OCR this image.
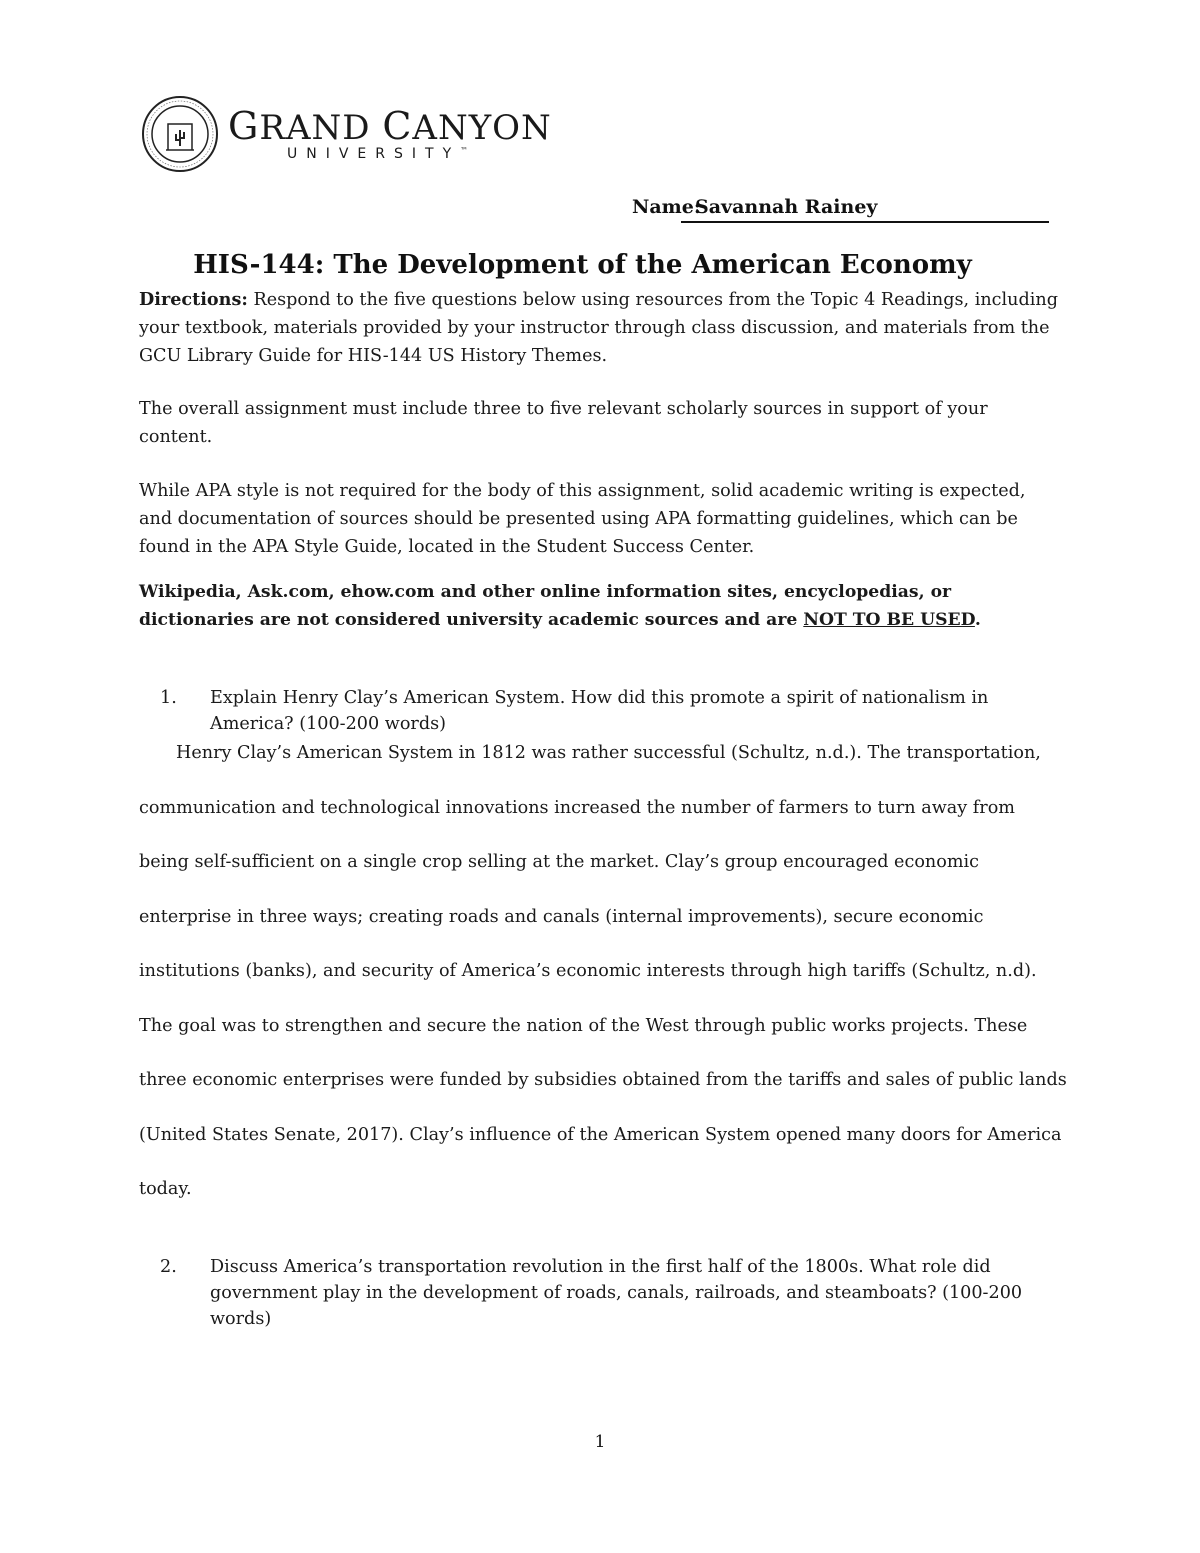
GRAND CANYON
UNIVERSITY™
Name:
Savannah Rainey
HIS-144: The Development of the American Economy
Directions: Respond to the five questions below using resources from the Topic 4 Readings, including your textbook, materials provided by your instructor through class discussion, and materials from the GCU Library Guide for HIS-144 US History Themes.
The overall assignment must include three to five relevant scholarly sources in support of your content.
While APA style is not required for the body of this assignment, solid academic writing is expected, and documentation of sources should be presented using APA formatting guidelines, which can be found in the APA Style Guide, located in the Student Success Center.
Wikipedia, Ask.com, ehow.com and other online information sites, encyclopedias, or dictionaries are not considered university academic sources and are NOT TO BE USED.
1. Explain Henry Clay’s American System. How did this promote a spirit of nationalism in America? (100-200 words)
Henry Clay’s American System in 1812 was rather successful (Schultz, n.d.). The transportation, communication and technological innovations increased the number of farmers to turn away from being self-sufficient on a single crop selling at the market. Clay’s group encouraged economic enterprise in three ways; creating roads and canals (internal improvements), secure economic institutions (banks), and security of America’s economic interests through high tariffs (Schultz, n.d). The goal was to strengthen and secure the nation of the West through public works projects. These three economic enterprises were funded by subsidies obtained from the tariffs and sales of public lands (United States Senate, 2017). Clay’s influence of the American System opened many doors for America today.
2. Discuss America’s transportation revolution in the first half of the 1800s. What role did government play in the development of roads, canals, railroads, and steamboats? (100-200 words)
1
